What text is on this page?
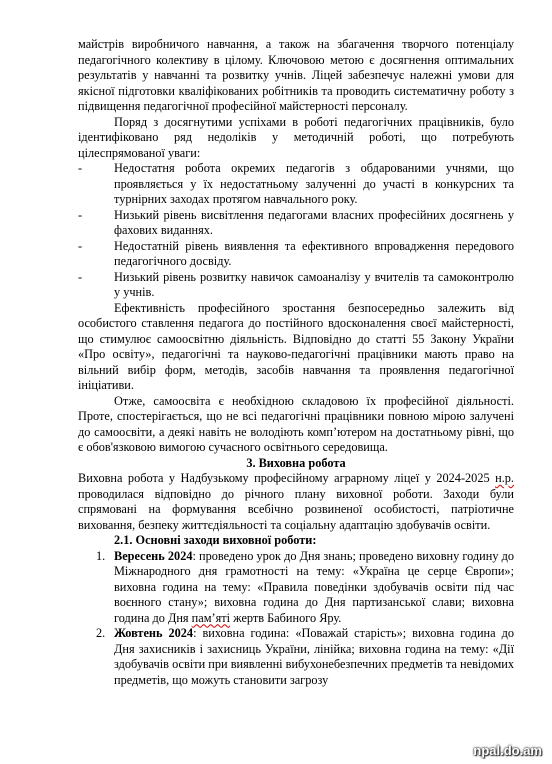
майстрів виробничого навчання, а також на збагачення творчого потенціалу педагогічного колективу в цілому. Ключовою метою є досягнення оптимальних результатів у навчанні та розвитку учнів. Ліцей забезпечує належні умови для якісної підготовки кваліфікованих робітників та проводить систематичну роботу з підвищення педагогічної професійної майстерності персоналу.

Поряд з досягнутими успіхами в роботі педагогічних працівників, було ідентифіковано ряд недоліків у методичній роботі, що потребують цілеспрямованої уваги:

-	Недостатня робота окремих педагогів з обдарованими учнями, що проявляється у їх недостатньому залученні до участі в конкурсних та турнірних заходах протягом навчального року.
-	Низький рівень висвітлення педагогами власних професійних досягнень у фахових виданнях.
-	Недостатній рівень виявлення та ефективного впровадження передового педагогічного досвіду.
-	Низький рівень розвитку навичок самоаналізу у вчителів та самоконтролю у учнів.

Ефективність професійного зростання безпосередньо залежить від особистого ставлення педагога до постійного вдосконалення своєї майстерності, що стимулює самоосвітню діяльність. Відповідно до статті 55 Закону України «Про освіту», педагогічні та науково-педагогічні працівники мають право на вільний вибір форм, методів, засобів навчання та проявлення педагогічної ініціативи.

Отже, самоосвіта є необхідною складовою їх професійної діяльності. Проте, спостерігається, що не всі педагогічні працівники повною мірою залучені до самоосвіти, а деякі навіть не володіють комп’ютером на достатньому рівні, що є обов'язковою вимогою сучасного освітнього середовища.

3. Виховна робота

Виховна робота у Надбузькому професійному аграрному ліцеї у 2024-2025 н.р. проводилася відповідно до річного плану виховної роботи. Заходи були спрямовані на формування всебічно розвиненої особистості, патріотичне виховання, безпеку життєдіяльності та соціальну адаптацію здобувачів освіти.

2.1. Основні заходи виховної роботи:

1. Вересень 2024: проведено урок до Дня знань; проведено виховну годину до Міжнародного дня грамотності на тему: «Україна це серце Європи»; виховна година на тему: «Правила поведінки здобувачів освіти під час воєнного стану»; виховна година до Дня партизанської слави; виховна година до Дня пам’яті жертв Бабиного Яру.
2. Жовтень 2024: виховна година: «Поважай старість»; виховна година до Дня захисників і захисниць України, лінійка; виховна година на тему: «Дії здобувачів освіти при виявленні вибухонебезпечних предметів та невідомих предметів, що можуть становити загрозу
npal.do.am
